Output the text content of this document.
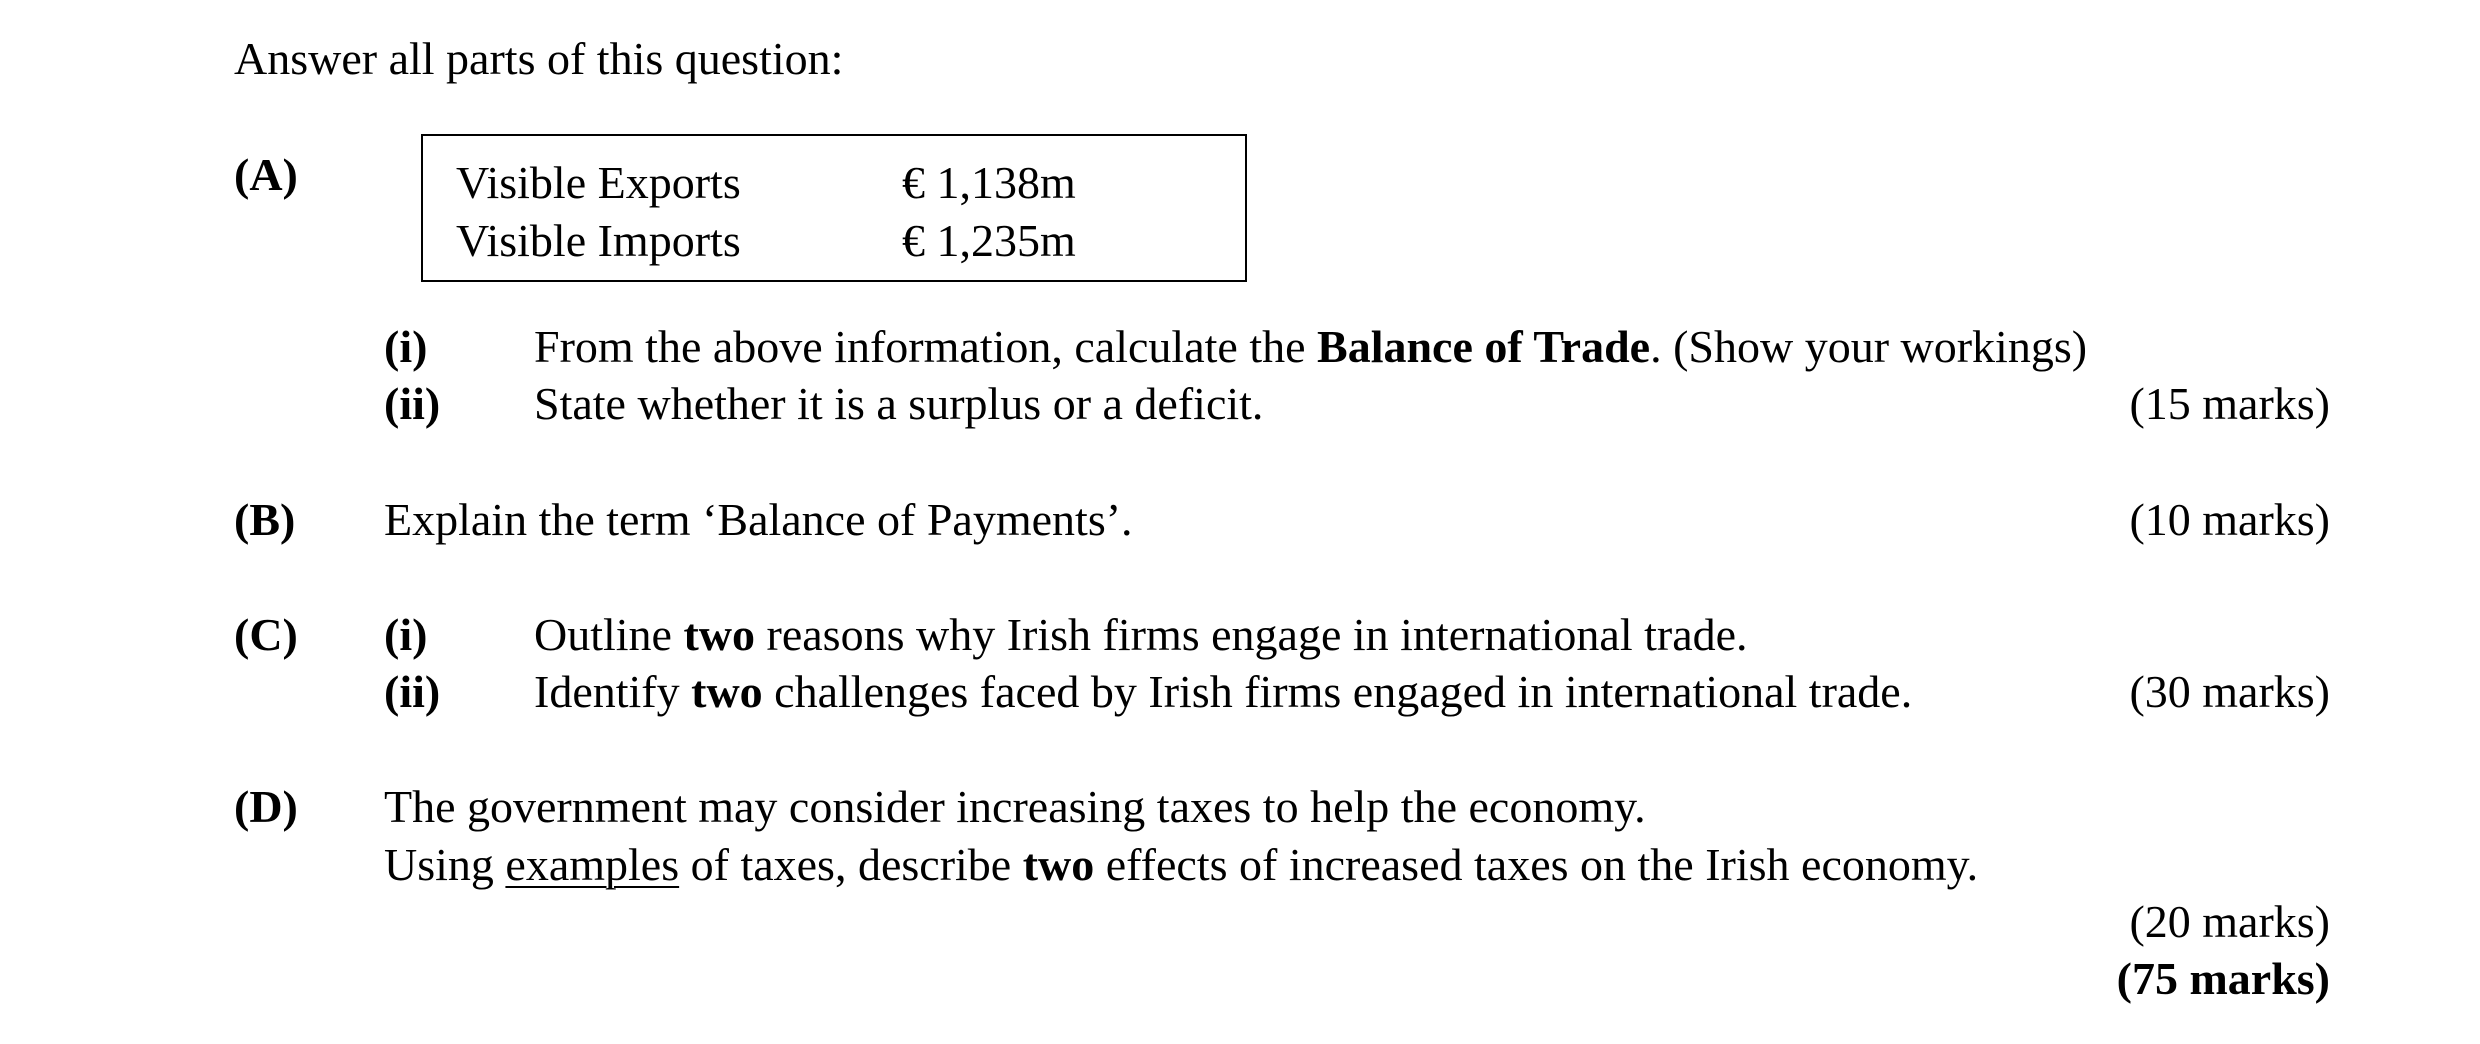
Answer all parts of this question:
(A)	Visible Exports	€ 1,138m
Visible Imports	€ 1,235m
(i) From the above information, calculate the Balance of Trade. (Show your workings)
(ii) State whether it is a surplus or a deficit.	(15 marks)
(B) Explain the term ‘Balance of Payments’.	(10 marks)
(C) (i) Outline two reasons why Irish firms engage in international trade.
(ii) Identify two challenges faced by Irish firms engaged in international trade.	(30 marks)
(D) The government may consider increasing taxes to help the economy.
Using examples of taxes, describe two effects of increased taxes on the Irish economy.
(20 marks)
(75 marks)
